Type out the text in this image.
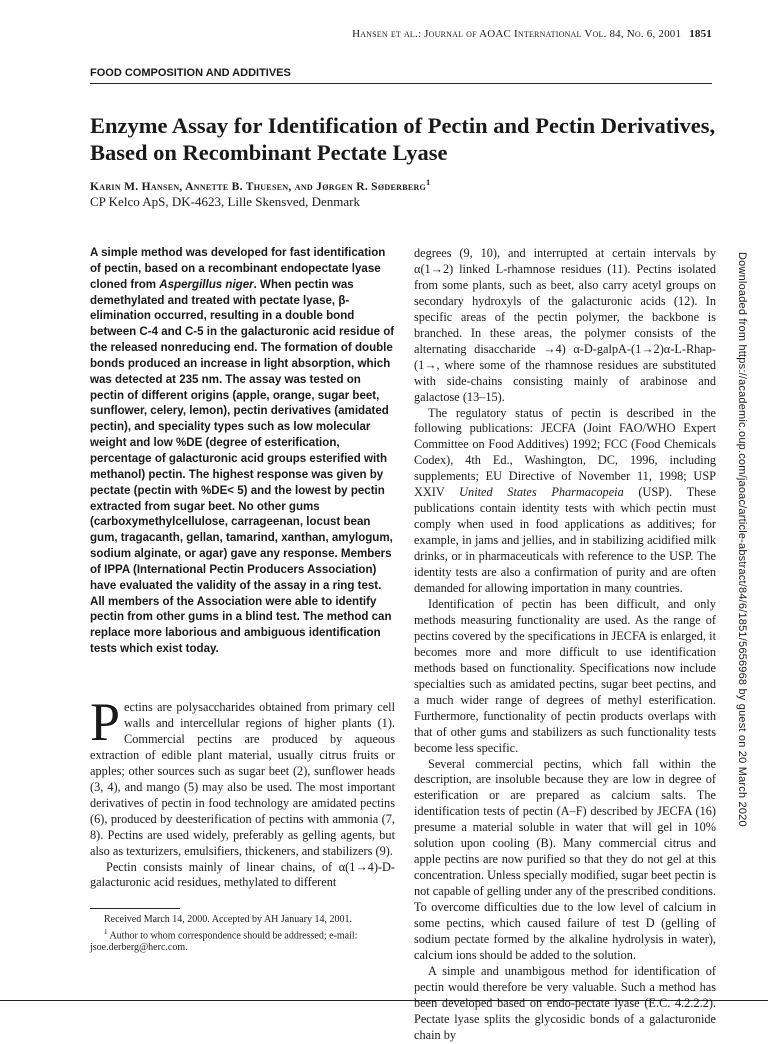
Hansen et al.: Journal of AOAC International Vol. 84, No. 6, 2001 1851
FOOD COMPOSITION AND ADDITIVES
Enzyme Assay for Identification of Pectin and Pectin Derivatives, Based on Recombinant Pectate Lyase
Karin M. Hansen, Annette B. Thuesen, and Jørgen R. Søderberg$^1$
CP Kelco ApS, DK-4623, Lille Skensved, Denmark

A simple method was developed for fast identification of pectin, based on a recombinant endopectate lyase cloned from Aspergillus niger. When pectin was demethylated and treated with pectate lyase, β-elimination occurred, resulting in a double bond between C-4 and C-5 in the galacturonic acid residue of the released nonreducing end. The formation of double bonds produced an increase in light absorption, which was detected at 235 nm. The assay was tested on pectin of different origins (apple, orange, sugar beet, sunflower, celery, lemon), pectin derivatives (amidated pectin), and speciality types such as low molecular weight and low %DE (degree of esterification, percentage of galacturonic acid groups esterified with methanol) pectin. The highest response was given by pectate (pectin with %DE< 5) and the lowest by pectin extracted from sugar beet. No other gums (carboxymethylcellulose, carrageenan, locust bean gum, tragacanth, gellan, tamarind, xanthan, amylogum, sodium alginate, or agar) gave any response. Members of IPPA (International Pectin Producers Association) have evaluated the validity of the assay in a ring test. All members of the Association were able to identify pectin from other gums in a blind test. The method can replace more laborious and ambiguous identification tests which exist today.

Pectins are polysaccharides obtained from primary cell walls and intercellular regions of higher plants (1). Commercial pectins are produced by aqueous extraction of edible plant material, usually citrus fruits or apples; other sources such as sugar beet (2), sunflower heads (3, 4), and mango (5) may also be used. The most important derivatives of pectin in food technology are amidated pectins (6), produced by deesterification of pectins with ammonia (7, 8). Pectins are used widely, preferably as gelling agents, but also as texturizers, emulsifiers, thickeners, and stabilizers (9).

Pectin consists mainly of linear chains, of α(1→4)-D-galacturonic acid residues, methylated to different

Received March 14, 2000. Accepted by AH January 14, 2001.

$^1$ Author to whom correspondence should be addressed; e-mail:

jsoe.derberg@herc.com.

degrees (9, 10), and interrupted at certain intervals by α(1→2) linked L-rhamnose residues (11). Pectins isolated from some plants, such as beet, also carry acetyl groups on secondary hydroxyls of the galacturonic acids (12). In specific areas of the pectin polymer, the backbone is branched. In these areas, the polymer consists of the alternating disaccharide →4) α-D-galpA-(1→2)α-L-Rhap-(1→, where some of the rhamnose residues are substituted with side-chains consisting mainly of arabinose and galactose (13–15).

The regulatory status of pectin is described in the following publications: JECFA (Joint FAO/WHO Expert Committee on Food Additives) 1992; FCC (Food Chemicals Codex), 4th Ed., Washington, DC, 1996, including supplements; EU Directive of November 11, 1998; USP XXIV United States Pharmacopeia (USP). These publications contain identity tests with which pectin must comply when used in food applications as additives; for example, in jams and jellies, and in stabilizing acidified milk drinks, or in pharmaceuticals with reference to the USP. The identity tests are also a confirmation of purity and are often demanded for allowing importation in many countries.

Identification of pectin has been difficult, and only methods measuring functionality are used. As the range of pectins covered by the specifications in JECFA is enlarged, it becomes more and more difficult to use identification methods based on functionality. Specifications now include specialties such as amidated pectins, sugar beet pectins, and a much wider range of degrees of methyl esterification. Furthermore, functionality of pectin products overlaps with that of other gums and stabilizers as such functionality tests become less specific.

Several commercial pectins, which fall within the description, are insoluble because they are low in degree of esterification or are prepared as calcium salts. The identification tests of pectin (A–F) described by JECFA (16) presume a material soluble in water that will gel in 10% solution upon cooling (B). Many commercial citrus and apple pectins are now purified so that they do not gel at this concentration. Unless specially modified, sugar beet pectin is not capable of gelling under any of the prescribed conditions. To overcome difficulties due to the low level of calcium in some pectins, which caused failure of test D (gelling of sodium pectate formed by the alkaline hydrolysis in water), calcium ions should be added to the solution.

A simple and unambigous method for identification of pectin would therefore be very valuable. Such a method has been developed based on endo-pectate lyase (E.C. 4.2.2.2). Pectate lyase splits the glycosidic bonds of a galacturonide chain by

Downloaded from https://academic.oup.com/jaoac/article-abstract/84/6/1851/5656968 by guest on 20 March 2020
